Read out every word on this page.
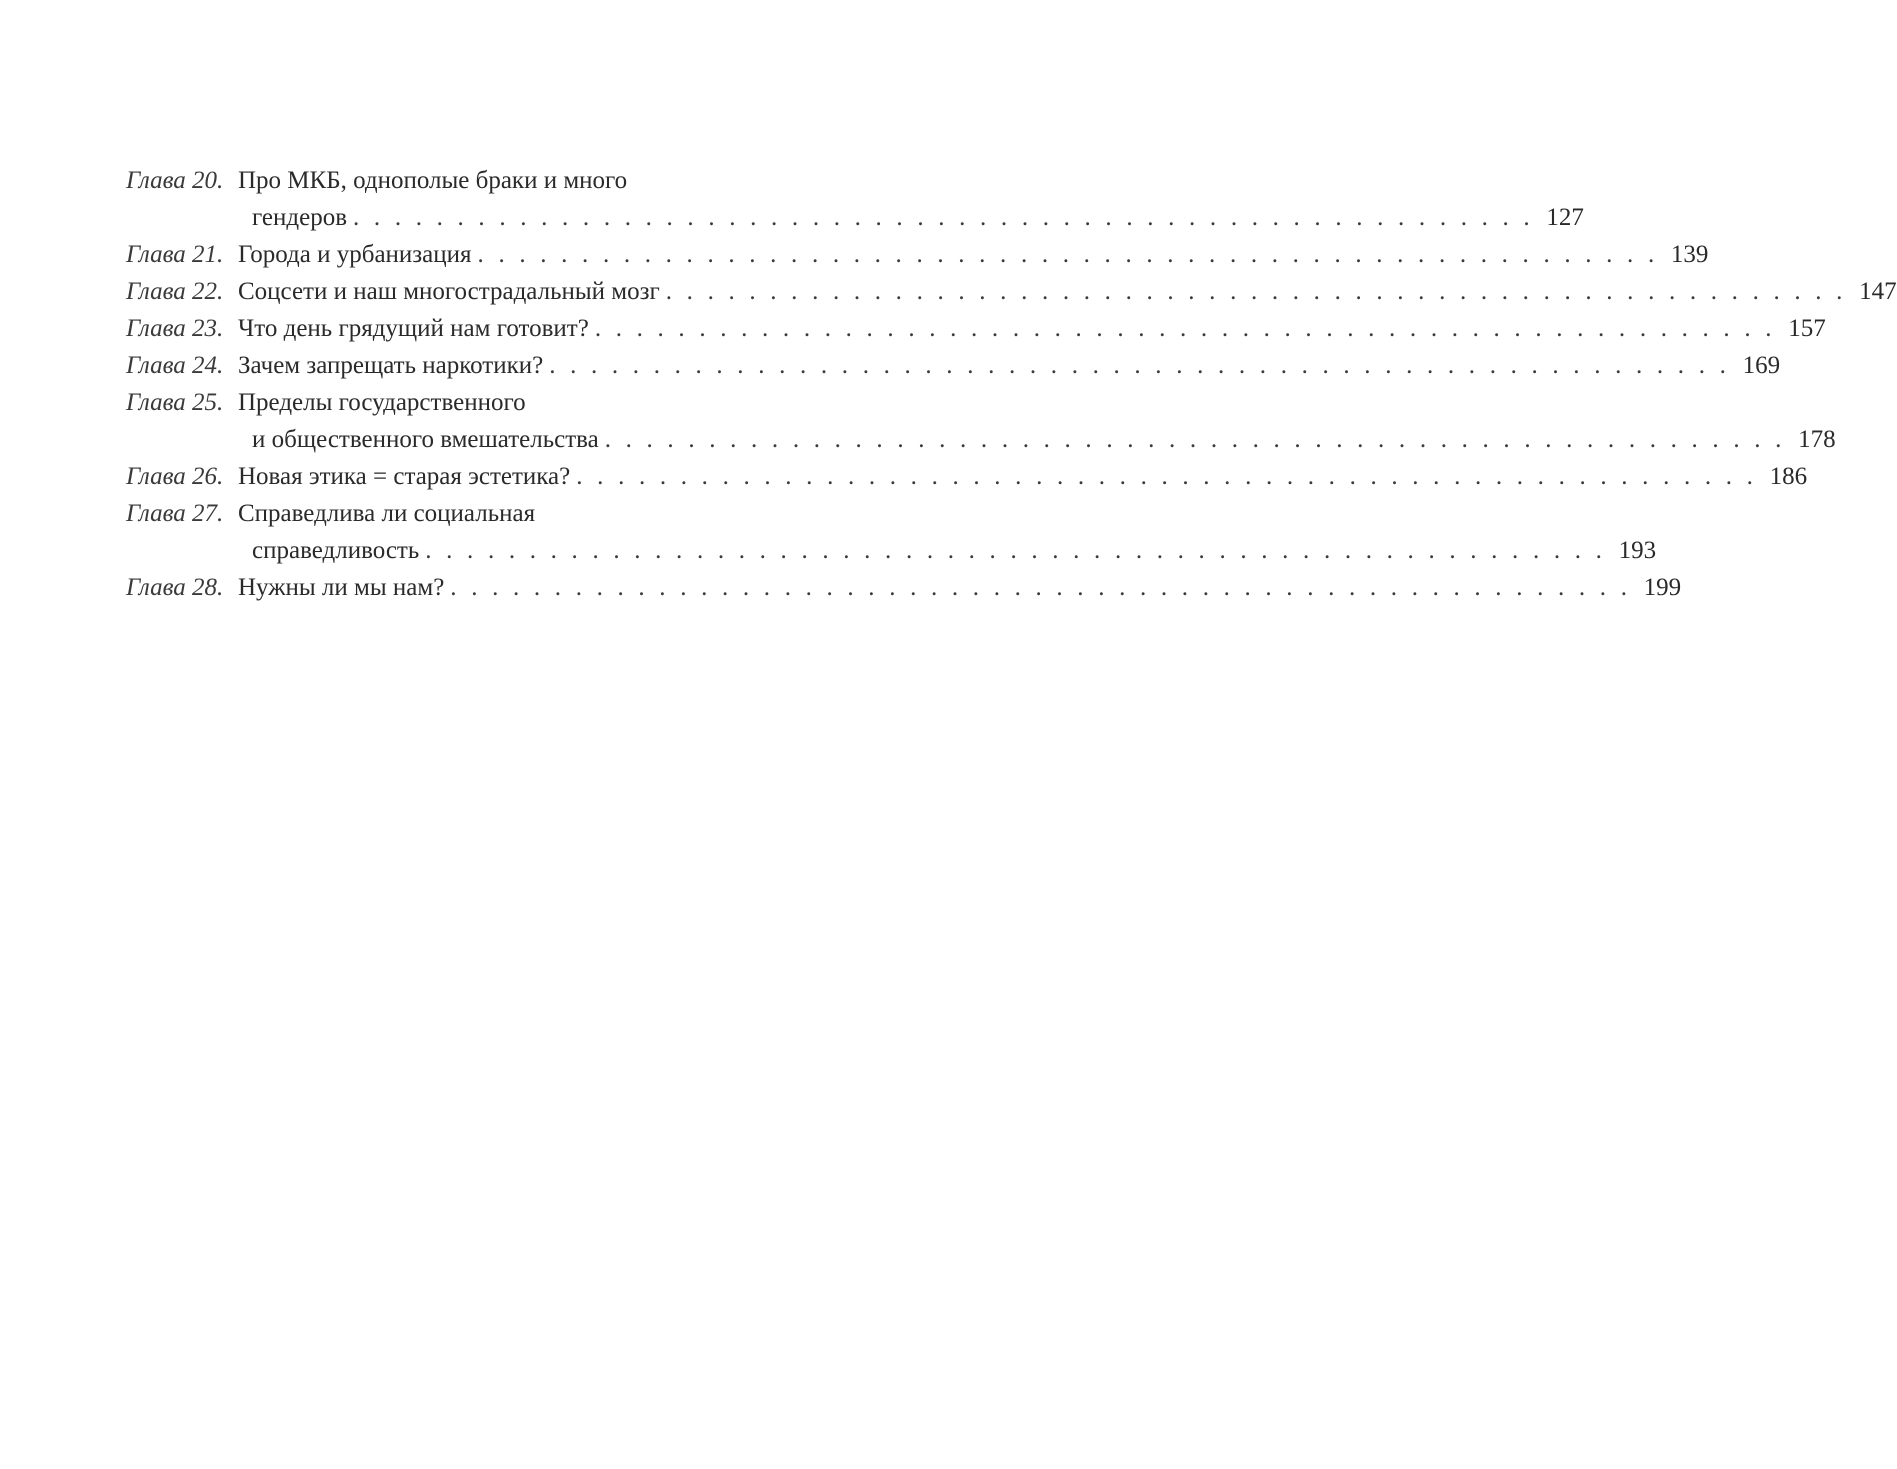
Глава 20. Про МКБ, однополые браки и много
гендеров . . . . . . . . . . . . . . . . . . . . . . . . . . . . . . . . . . . . . . . . . . . . . . . . . . . . . . . . . 127
Глава 21. Города и урбанизация . . . . . . . . . . . . . . . . . . . . . . . . . . . . . . . . . . . . . . . . . . . . . . . . . . . . . . . . . 139
Глава 22. Соцсети и наш многострадальный мозг . . . . . . . . . . . . . . . . . . . . . . . . . . . . . . . . . . . . . . . . . . . . . . . . . . . . . . . . . 147
Глава 23. Что день грядущий нам готовит? . . . . . . . . . . . . . . . . . . . . . . . . . . . . . . . . . . . . . . . . . . . . . . . . . . . . . . . . . 157
Глава 24. Зачем запрещать наркотики? . . . . . . . . . . . . . . . . . . . . . . . . . . . . . . . . . . . . . . . . . . . . . . . . . . . . . . . . . 169
Глава 25. Пределы государственного
и общественного вмешательства . . . . . . . . . . . . . . . . . . . . . . . . . . . . . . . . . . . . . . . . . . . . . . . . . . . . . . . . . 178
Глава 26. Новая этика = старая эстетика? . . . . . . . . . . . . . . . . . . . . . . . . . . . . . . . . . . . . . . . . . . . . . . . . . . . . . . . . . 186
Глава 27. Справедлива ли социальная
справедливость . . . . . . . . . . . . . . . . . . . . . . . . . . . . . . . . . . . . . . . . . . . . . . . . . . . . . . . . . 193
Глава 28. Нужны ли мы нам? . . . . . . . . . . . . . . . . . . . . . . . . . . . . . . . . . . . . . . . . . . . . . . . . . . . . . . . . . 199
